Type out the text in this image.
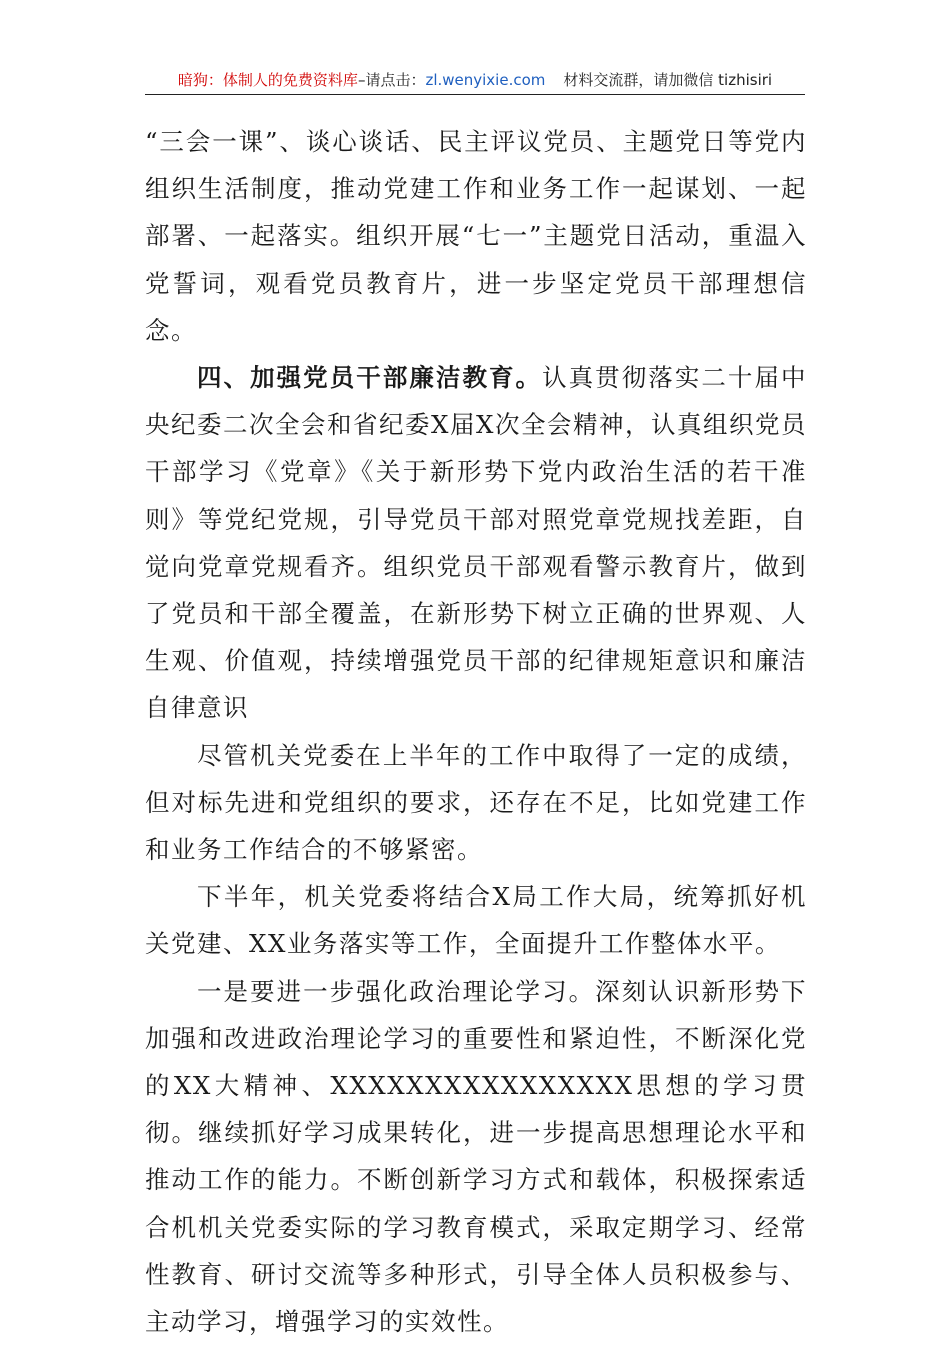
暗狗：体制人的免费资料库 –请点击： zl.wenyixie.com 材料交流群，请加微信 tizhisiri

“三会一课”、谈心谈话、民主评议党员、主题党日等党内组织生活制度，推动党建工作和业务工作一起谋划、一起部署、一起落实。组织开展“七一”主题党日活动，重温入党誓词，观看党员教育片，进一步坚定党员干部理想信念。

四、加强党员干部廉洁教育。认真贯彻落实二十届中央纪委二次全会和省纪委X届X次全会精神，认真组织党员干部学习《党章》《关于新形势下党内政治生活的若干准则》等党纪党规，引导党员干部对照党章党规找差距，自觉向党章党规看齐。组织党员干部观看警示教育片，做到了党员和干部全覆盖，在新形势下树立正确的世界观、人生观、价值观，持续增强党员干部的纪律规矩意识和廉洁自律意识

尽管机关党委在上半年的工作中取得了一定的成绩，但对标先进和党组织的要求，还存在不足，比如党建工作和业务工作结合的不够紧密。

下半年，机关党委将结合X局工作大局，统筹抓好机关党建、XX业务落实等工作，全面提升工作整体水平。

一是要进一步强化政治理论学习。深刻认识新形势下加强和改进政治理论学习的重要性和紧迫性，不断深化党的XX大精神、XXXXXXXXXXXXXXXX思想的学习贯彻。继续抓好学习成果转化，进一步提高思想理论水平和推动工作的能力。不断创新学习方式和载体，积极探索适合机机关党委实际的学习教育模式，采取定期学习、经常性教育、研讨交流等多种形式，引导全体人员积极参与、主动学习，增强学习的实效性。
